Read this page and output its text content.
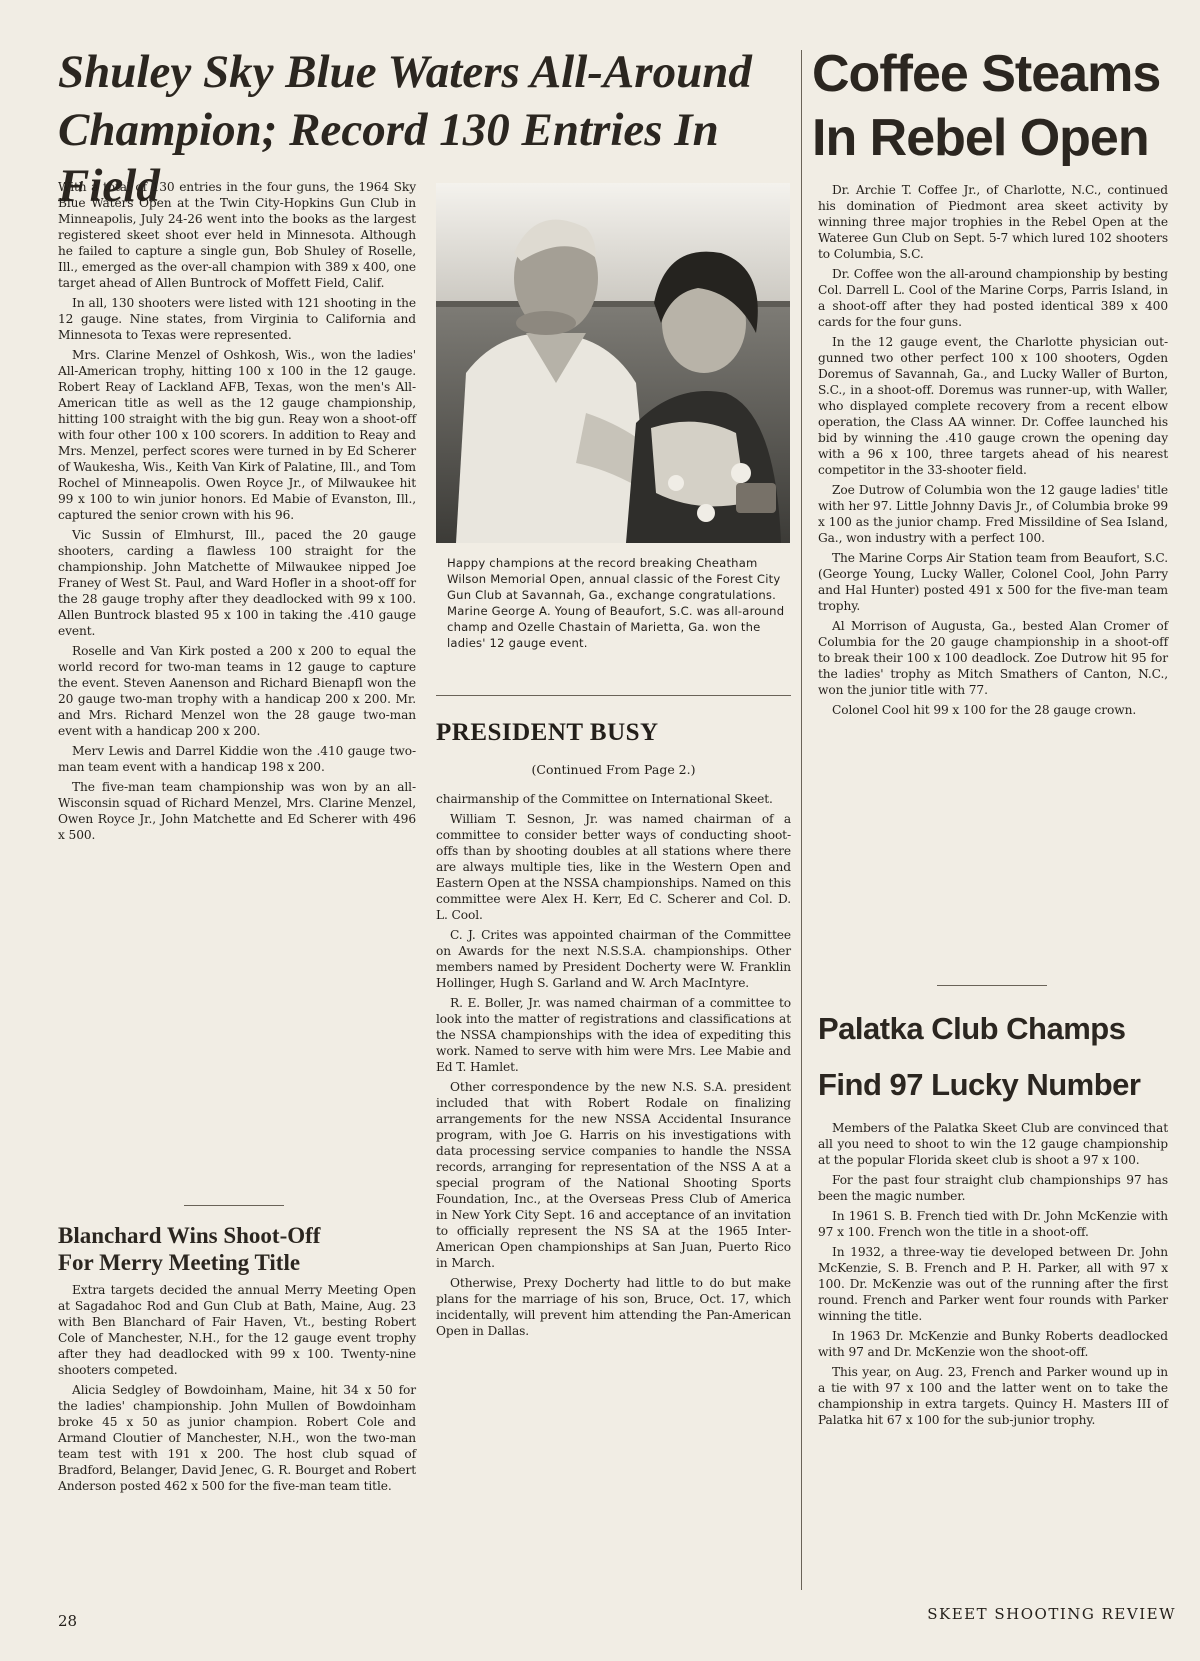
Shuley Sky Blue Waters All-Around
Champion; Record 130 Entries In Field
Coffee Steams
In Rebel Open

With a total of 130 entries in the four guns, the 1964 Sky Blue Waters Open at the Twin City-Hopkins Gun Club in Minneapolis, July 24-26 went into the books as the largest registered skeet shoot ever held in Minnesota. Although he failed to capture a single gun, Bob Shuley of Roselle, Ill., emerged as the over-all champion with 389 x 400, one target ahead of Allen Buntrock of Moffett Field, Calif.

In all, 130 shooters were listed with 121 shooting in the 12 gauge. Nine states, from Virginia to California and Minnesota to Texas were represented.

Mrs. Clarine Menzel of Oshkosh, Wis., won the ladies' All-American trophy, hitting 100 x 100 in the 12 gauge. Robert Reay of Lackland AFB, Texas, won the men's All-American title as well as the 12 gauge championship, hitting 100 straight with the big gun. Reay won a shoot-off with four other 100 x 100 scorers. In addition to Reay and Mrs. Menzel, perfect scores were turned in by Ed Scherer of Waukesha, Wis., Keith Van Kirk of Palatine, Ill., and Tom Rochel of Minneapolis. Owen Royce Jr., of Milwaukee hit 99 x 100 to win junior honors. Ed Mabie of Evanston, Ill., captured the senior crown with his 96.

Vic Sussin of Elmhurst, Ill., paced the 20 gauge shooters, carding a flawless 100 straight for the championship. John Matchette of Milwaukee nipped Joe Franey of West St. Paul, and Ward Hofler in a shoot-off for the 28 gauge trophy after they deadlocked with 99 x 100. Allen Buntrock blasted 95 x 100 in taking the .410 gauge event.

Roselle and Van Kirk posted a 200 x 200 to equal the world record for two-man teams in 12 gauge to capture the event. Steven Aanenson and Richard Bienapfl won the 20 gauge two-man trophy with a handicap 200 x 200. Mr. and Mrs. Richard Menzel won the 28 gauge two-man event with a handicap 200 x 200.

Merv Lewis and Darrel Kiddie won the .410 gauge two-man team event with a handicap 198 x 200.

The five-man team championship was won by an all-Wisconsin squad of Richard Menzel, Mrs. Clarine Menzel, Owen Royce Jr., John Matchette and Ed Scherer with 496 x 500.

Blanchard Wins Shoot-Off
For Merry Meeting Title

Extra targets decided the annual Merry Meeting Open at Sagadahoc Rod and Gun Club at Bath, Maine, Aug. 23 with Ben Blanchard of Fair Haven, Vt., besting Robert Cole of Manchester, N.H., for the 12 gauge event trophy after they had deadlocked with 99 x 100. Twenty-nine shooters competed.

Alicia Sedgley of Bowdoinham, Maine, hit 34 x 50 for the ladies' championship. John Mullen of Bowdoinham broke 45 x 50 as junior champion. Robert Cole and Armand Cloutier of Manchester, N.H., won the two-man team test with 191 x 200. The host club squad of Bradford, Belanger, David Jenec, G. R. Bourget and Robert Anderson posted 462 x 500 for the five-man team title.

Happy champions at the record breaking Cheatham Wilson Memorial Open, annual classic of the Forest City Gun Club at Savannah, Ga., exchange congratulations. Marine George A. Young of Beaufort, S.C. was all-around champ and Ozelle Chastain of Marietta, Ga. won the ladies' 12 gauge event.

PRESIDENT BUSY
(Continued From Page 2.)

chairmanship of the Committee on International Skeet.

William T. Sesnon, Jr. was named chairman of a committee to consider better ways of conducting shoot-offs than by shooting doubles at all stations where there are always multiple ties, like in the Western Open and Eastern Open at the NSSA championships. Named on this committee were Alex H. Kerr, Ed C. Scherer and Col. D. L. Cool.

C. J. Crites was appointed chairman of the Committee on Awards for the next N.S.S.A. championships. Other members named by President Docherty were W. Franklin Hollinger, Hugh S. Garland and W. Arch MacIntyre.

R. E. Boller, Jr. was named chairman of a committee to look into the matter of registrations and classifications at the NSSA championships with the idea of expediting this work. Named to serve with him were Mrs. Lee Mabie and Ed T. Hamlet.

Other correspondence by the new N.S. S.A. president included that with Robert Rodale on finalizing arrangements for the new NSSA Accidental Insurance program, with Joe G. Harris on his investigations with data processing service companies to handle the NSSA records, arranging for representation of the NSS A at a special program of the National Shooting Sports Foundation, Inc., at the Overseas Press Club of America in New York City Sept. 16 and acceptance of an invitation to officially represent the NS SA at the 1965 Inter-American Open championships at San Juan, Puerto Rico in March.

Otherwise, Prexy Docherty had little to do but make plans for the marriage of his son, Bruce, Oct. 17, which incidentally, will prevent him attending the Pan-American Open in Dallas.

Dr. Archie T. Coffee Jr., of Charlotte, N.C., continued his domination of Piedmont area skeet activity by winning three major trophies in the Rebel Open at the Wateree Gun Club on Sept. 5-7 which lured 102 shooters to Columbia, S.C.

Dr. Coffee won the all-around championship by besting Col. Darrell L. Cool of the Marine Corps, Parris Island, in a shoot-off after they had posted identical 389 x 400 cards for the four guns.

In the 12 gauge event, the Charlotte physician out-gunned two other perfect 100 x 100 shooters, Ogden Doremus of Savannah, Ga., and Lucky Waller of Burton, S.C., in a shoot-off. Doremus was runner-up, with Waller, who displayed complete recovery from a recent elbow operation, the Class AA winner. Dr. Coffee launched his bid by winning the .410 gauge crown the opening day with a 96 x 100, three targets ahead of his nearest competitor in the 33-shooter field.

Zoe Dutrow of Columbia won the 12 gauge ladies' title with her 97. Little Johnny Davis Jr., of Columbia broke 99 x 100 as the junior champ. Fred Missildine of Sea Island, Ga., won industry with a perfect 100.

The Marine Corps Air Station team from Beaufort, S.C. (George Young, Lucky Waller, Colonel Cool, John Parry and Hal Hunter) posted 491 x 500 for the five-man team trophy.

Al Morrison of Augusta, Ga., bested Alan Cromer of Columbia for the 20 gauge championship in a shoot-off to break their 100 x 100 deadlock. Zoe Dutrow hit 95 for the ladies' trophy as Mitch Smathers of Canton, N.C., won the junior title with 77.

Colonel Cool hit 99 x 100 for the 28 gauge crown.

Palatka Club Champs
Find 97 Lucky Number

Members of the Palatka Skeet Club are convinced that all you need to shoot to win the 12 gauge championship at the popular Florida skeet club is shoot a 97 x 100.

For the past four straight club championships 97 has been the magic number.

In 1961 S. B. French tied with Dr. John McKenzie with 97 x 100. French won the title in a shoot-off.

In 1932, a three-way tie developed between Dr. John McKenzie, S. B. French and P. H. Parker, all with 97 x 100. Dr. McKenzie was out of the running after the first round. French and Parker went four rounds with Parker winning the title.

In 1963 Dr. McKenzie and Bunky Roberts deadlocked with 97 and Dr. McKenzie won the shoot-off.

This year, on Aug. 23, French and Parker wound up in a tie with 97 x 100 and the latter went on to take the championship in extra targets. Quincy H. Masters III of Palatka hit 67 x 100 for the sub-junior trophy.

28	SKEET SHOOTING REVIEW
